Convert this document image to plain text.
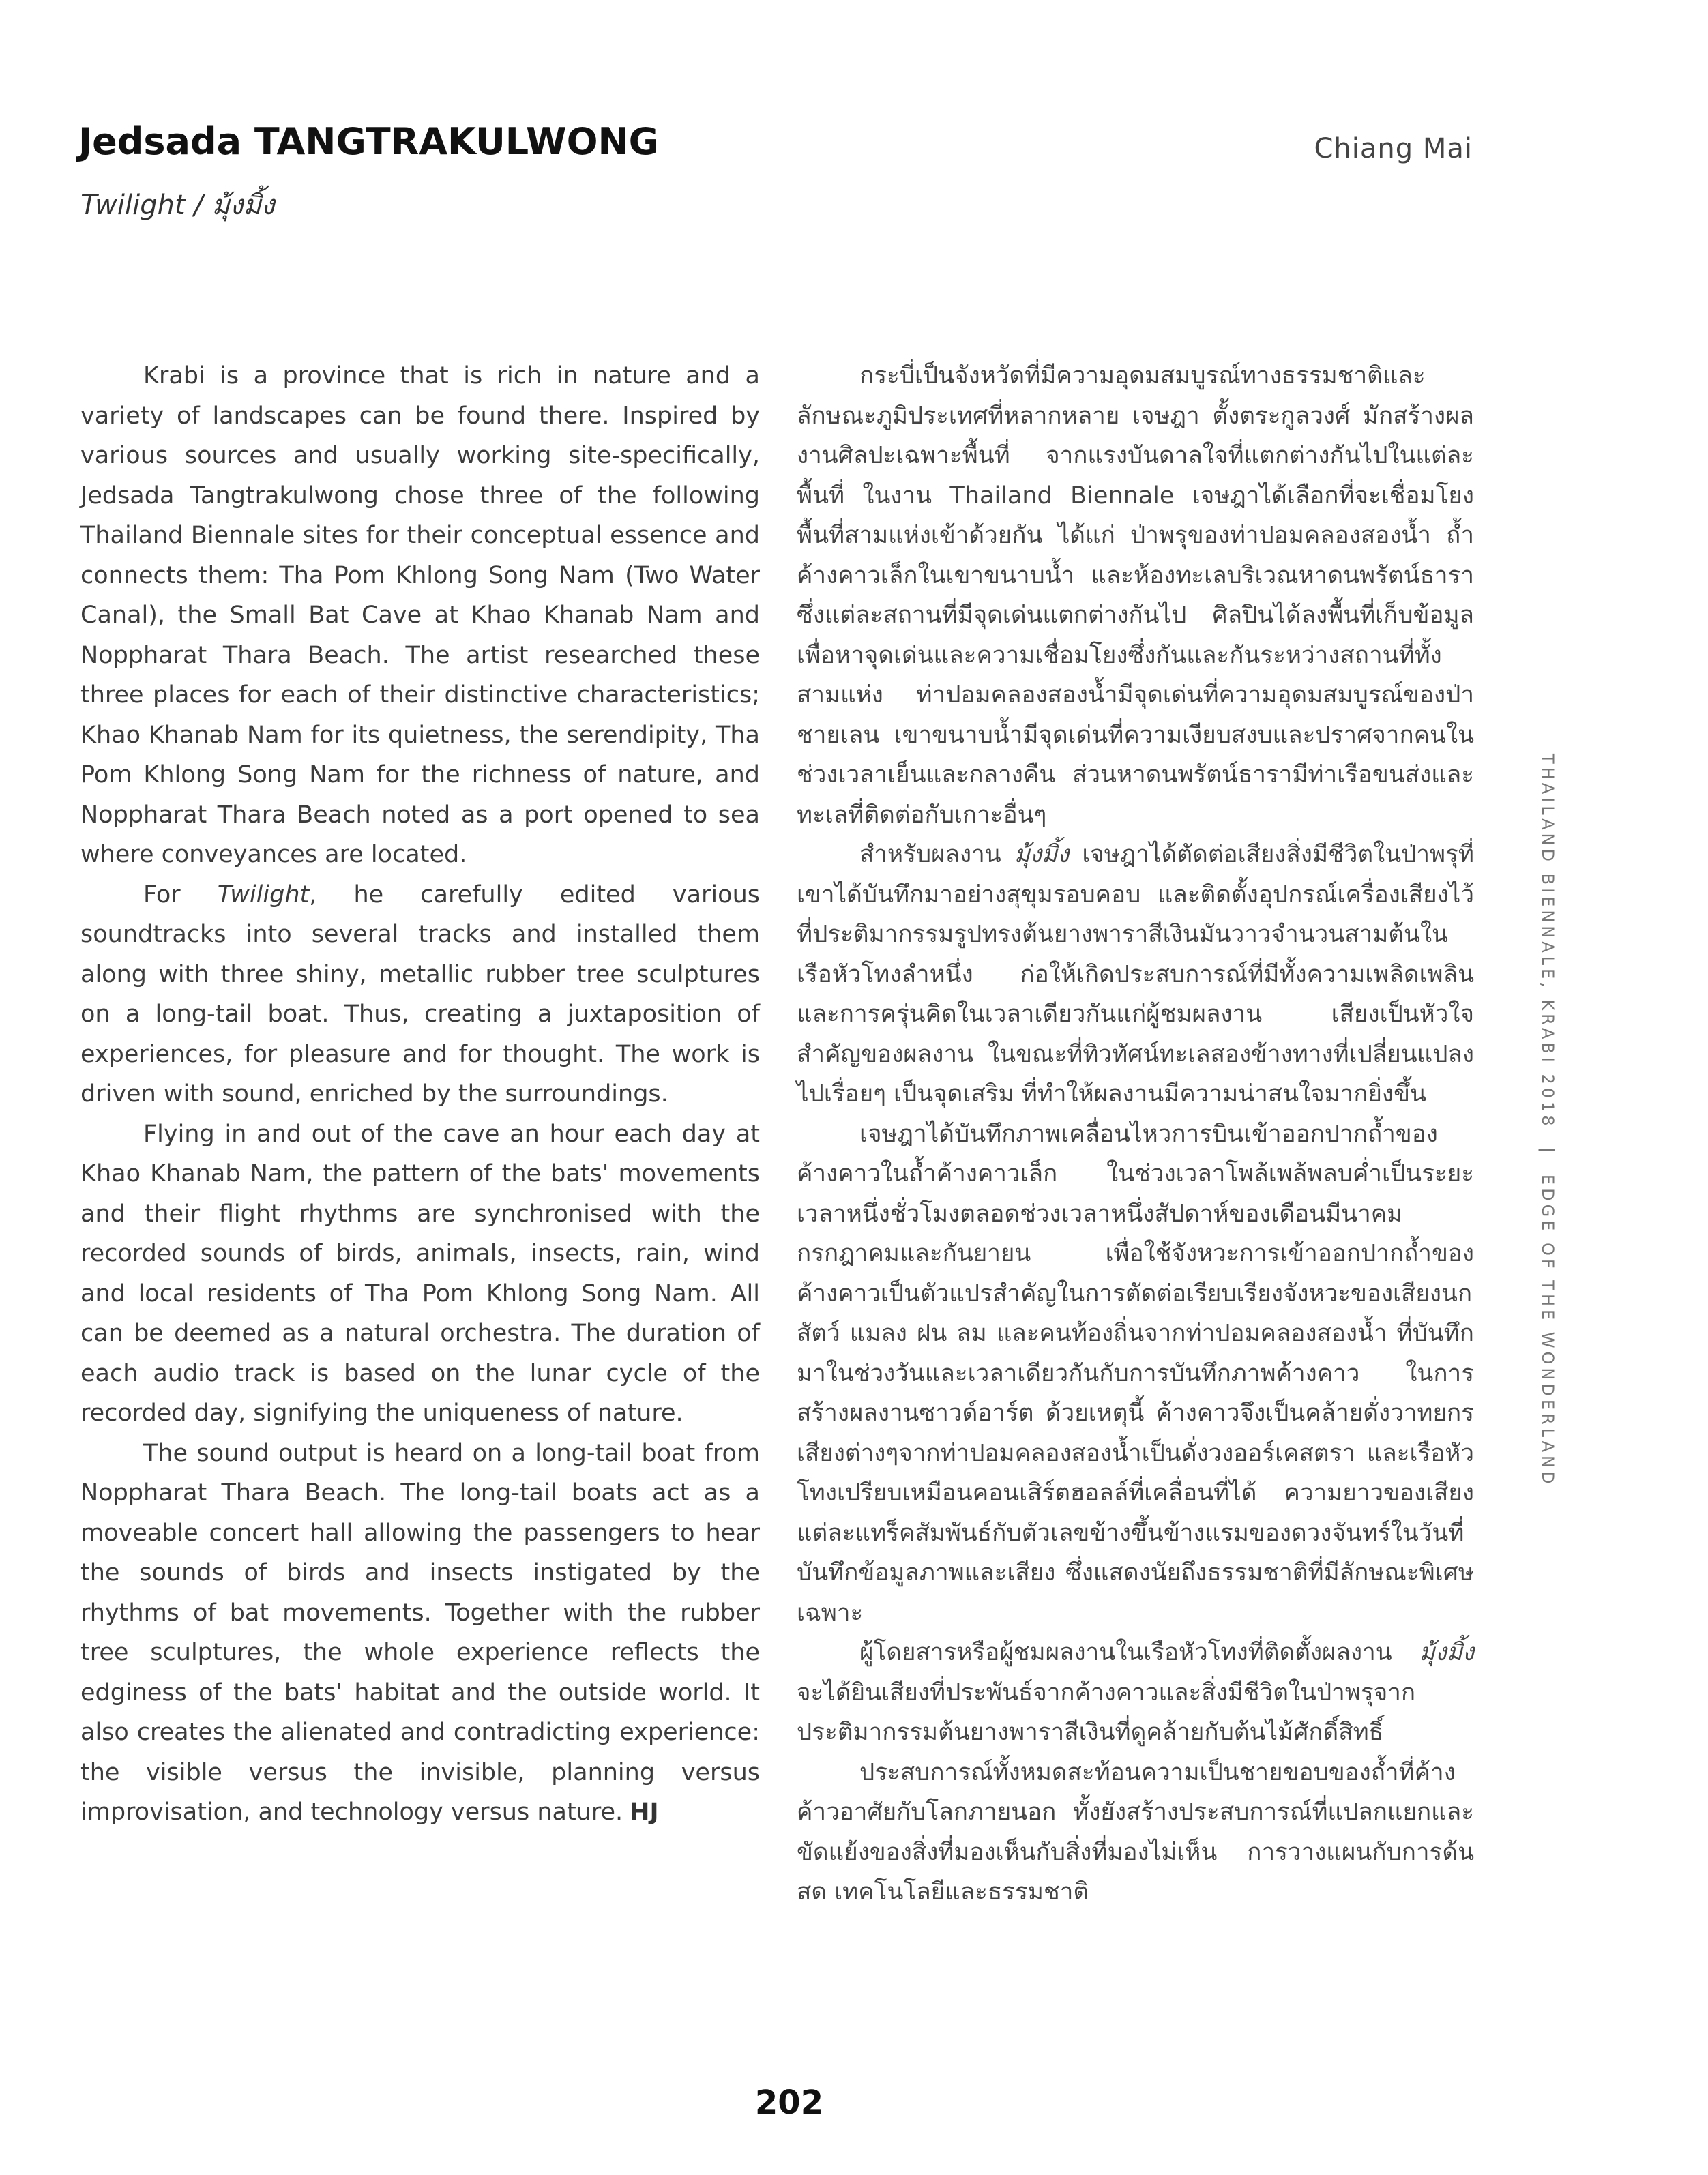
Jedsada TANGTRAKULWONG
Twilight / มุ้งมิ้ง
Chiang Mai

Krabi is a province that is rich in nature and a variety of landscapes can be found there. Inspired by various sources and usually working site-specifically, Jedsada Tangtrakulwong chose three of the following Thailand Biennale sites for their conceptual essence and connects them: Tha Pom Khlong Song Nam (Two Water Canal), the Small Bat Cave at Khao Khanab Nam and Noppharat Thara Beach. The artist researched these three places for each of their distinctive characteristics; Khao Khanab Nam for its quietness, the serendipity, Tha Pom Khlong Song Nam for the richness of nature, and Noppharat Thara Beach noted as a port opened to sea where conveyances are located.

For Twilight, he carefully edited various soundtracks into several tracks and installed them along with three shiny, metallic rubber tree sculptures on a long-tail boat. Thus, creating a juxtaposition of experiences, for pleasure and for thought. The work is driven with sound, enriched by the surroundings.

Flying in and out of the cave an hour each day at Khao Khanab Nam, the pattern of the bats' movements and their flight rhythms are synchronised with the recorded sounds of birds, animals, insects, rain, wind and local residents of Tha Pom Khlong Song Nam. All can be deemed as a natural orchestra. The duration of each audio track is based on the lunar cycle of the recorded day, signifying the uniqueness of nature.

The sound output is heard on a long-tail boat from Noppharat Thara Beach. The long-tail boats act as a moveable concert hall allowing the passengers to hear the sounds of birds and insects instigated by the rhythms of bat movements. Together with the rubber tree sculptures, the whole experience reflects the edginess of the bats' habitat and the outside world. It also creates the alienated and contradicting experience: the visible versus the invisible, planning versus improvisation, and technology versus nature. HJ

กระบี่เป็นจังหวัดที่มีความอุดมสมบูรณ์ทางธรรมชาติและลักษณะภูมิประเทศที่หลากหลาย เจษฎา ตั้งตระกูลวงศ์ มักสร้างผลงานศิลปะเฉพาะพื้นที่ จากแรงบันดาลใจที่แตกต่างกันไปในแต่ละพื้นที่ ในงาน Thailand Biennale เจษฎาได้เลือกที่จะเชื่อมโยงพื้นที่สามแห่งเข้าด้วยกัน ได้แก่ ป่าพรุของท่าปอมคลองสองน้ำ ถ้ำค้างคาวเล็กในเขาขนาบน้ำ และห้องทะเลบริเวณหาดนพรัตน์ธารา ซึ่งแต่ละสถานที่มีจุดเด่นแตกต่างกันไป ศิลปินได้ลงพื้นที่เก็บข้อมูลเพื่อหาจุดเด่นและความเชื่อมโยงซึ่งกันและกันระหว่างสถานที่ทั้งสามแห่ง ท่าปอมคลองสองน้ำมีจุดเด่นที่ความอุดมสมบูรณ์ของป่าชายเลน เขาขนาบน้ำมีจุดเด่นที่ความเงียบสงบและปราศจากคนในช่วงเวลาเย็นและกลางคืน ส่วนหาดนพรัตน์ธารามีท่าเรือขนส่งและทะเลที่ติดต่อกับเกาะอื่นๆ

สำหรับผลงาน มุ้งมิ้ง เจษฎาได้ตัดต่อเสียงสิ่งมีชีวิตในป่าพรุที่เขาได้บันทึกมาอย่างสุขุมรอบคอบ และติดตั้งอุปกรณ์เครื่องเสียงไว้ที่ประติมากรรมรูปทรงต้นยางพาราสีเงินมันวาวจำนวนสามต้นในเรือหัวโทงลำหนึ่ง ก่อให้เกิดประสบการณ์ที่มีทั้งความเพลิดเพลินและการครุ่นคิดในเวลาเดียวกันแก่ผู้ชมผลงาน เสียงเป็นหัวใจสำคัญของผลงาน ในขณะที่ทิวทัศน์ทะเลสองข้างทางที่เปลี่ยนแปลงไปเรื่อยๆ เป็นจุดเสริม ที่ทำให้ผลงานมีความน่าสนใจมากยิ่งขึ้น

เจษฎาได้บันทึกภาพเคลื่อนไหวการบินเข้าออกปากถ้ำของค้างคาวในถ้ำค้างคาวเล็ก ในช่วงเวลาโพล้เพล้พลบค่ำเป็นระยะเวลาหนึ่งชั่วโมงตลอดช่วงเวลาหนึ่งสัปดาห์ของเดือนมีนาคม กรกฎาคมและกันยายน เพื่อใช้จังหวะการเข้าออกปากถ้ำของค้างคาวเป็นตัวแปรสำคัญในการตัดต่อเรียบเรียงจังหวะของเสียงนก สัตว์ แมลง ฝน ลม และคนท้องถิ่นจากท่าปอมคลองสองน้ำ ที่บันทึกมาในช่วงวันและเวลาเดียวกันกับการบันทึกภาพค้างคาว ในการสร้างผลงานซาวด์อาร์ต ด้วยเหตุนี้ ค้างคาวจึงเป็นคล้ายดั่งวาทยกร เสียงต่างๆจากท่าปอมคลองสองน้ำเป็นดั่งวงออร์เคสตรา และเรือหัวโทงเปรียบเหมือนคอนเสิร์ตฮอลล์ที่เคลื่อนที่ได้ ความยาวของเสียงแต่ละแทร็คสัมพันธ์กับตัวเลขข้างขึ้นข้างแรมของดวงจันทร์ในวันที่บันทึกข้อมูลภาพและเสียง ซึ่งแสดงนัยถึงธรรมชาติที่มีลักษณะพิเศษเฉพาะ

ผู้โดยสารหรือผู้ชมผลงานในเรือหัวโทงที่ติดตั้งผลงาน มุ้งมิ้ง จะได้ยินเสียงที่ประพันธ์จากค้างคาวและสิ่งมีชีวิตในป่าพรุจากประติมากรรมต้นยางพาราสีเงินที่ดูคล้ายกับต้นไม้ศักดิ์สิทธิ์

ประสบการณ์ทั้งหมดสะท้อนความเป็นชายขอบของถ้ำที่ค้างค้าวอาศัยกับโลกภายนอก ทั้งยังสร้างประสบการณ์ที่แปลกแยกและขัดแย้งของสิ่งที่มองเห็นกับสิ่งที่มองไม่เห็น การวางแผนกับการด้นสด เทคโนโลยีและธรรมชาติ

THAILAND BIENNALE, KRABI 2018 | EDGE OF THE WONDERLAND
202
